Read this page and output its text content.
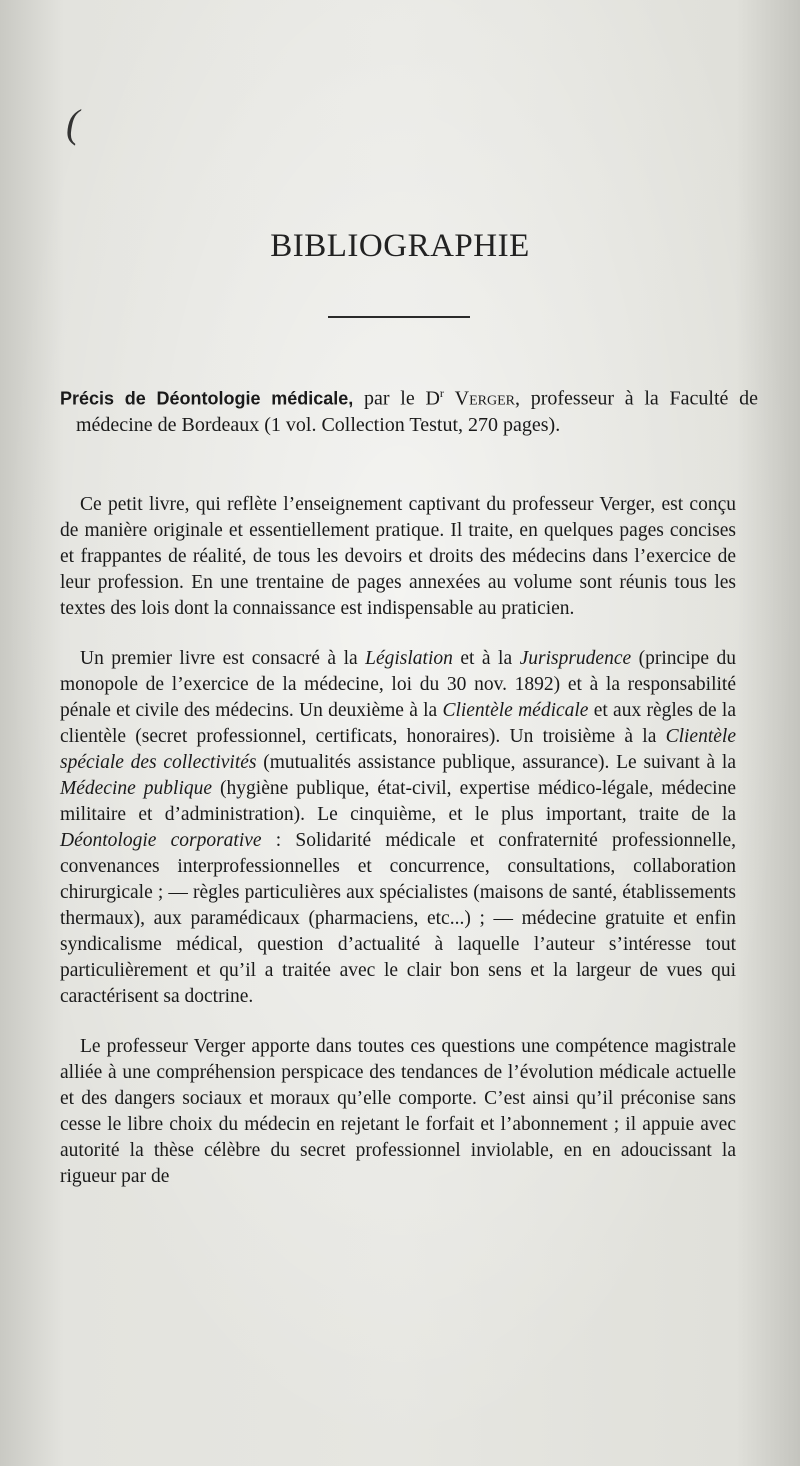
(
BIBLIOGRAPHIE
Précis de Déontologie médicale, par le $D^r$ Verger, professeur à la Faculté de médecine de Bordeaux (1 vol. Collection Testut, 270 pages).

Ce petit livre, qui reflète l’enseignement captivant du professeur Verger, est conçu de manière originale et essentiellement pratique. Il traite, en quelques pages concises et frappantes de réalité, de tous les devoirs et droits des médecins dans l’exercice de leur profession. En une trentaine de pages annexées au volume sont réunis tous les textes des lois dont la connaissance est indispensable au praticien.

Un premier livre est consacré à la Législation et à la Jurisprudence (principe du monopole de l’exercice de la médecine, loi du 30 nov. 1892) et à la responsabilité pénale et civile des médecins. Un deuxième à la Clientèle médicale et aux règles de la clientèle (secret professionnel, certificats, honoraires). Un troisième à la Clientèle spéciale des collectivités (mutualités assistance publique, assurance). Le suivant à la Médecine publique (hygiène publique, état-civil, expertise médico-légale, médecine militaire et d’administration). Le cinquième, et le plus important, traite de la Déontologie corporative : Solidarité médicale et confraternité professionnelle, convenances interprofessionnelles et concurrence, consultations, collaboration chirurgicale ; — règles particulières aux spécialistes (maisons de santé, établissements thermaux), aux paramédicaux (pharmaciens, etc...) ; — médecine gratuite et enfin syndicalisme médical, question d’actualité à laquelle l’auteur s’intéresse tout particulièrement et qu’il a traitée avec le clair bon sens et la largeur de vues qui caractérisent sa doctrine.

Le professeur Verger apporte dans toutes ces questions une compétence magistrale alliée à une compréhension perspicace des tendances de l’évolution médicale actuelle et des dangers sociaux et moraux qu’elle comporte. C’est ainsi qu’il préconise sans cesse le libre choix du médecin en rejetant le forfait et l’abonnement ; il appuie avec autorité la thèse célèbre du secret professionnel inviolable, en en adoucissant la rigueur par de
